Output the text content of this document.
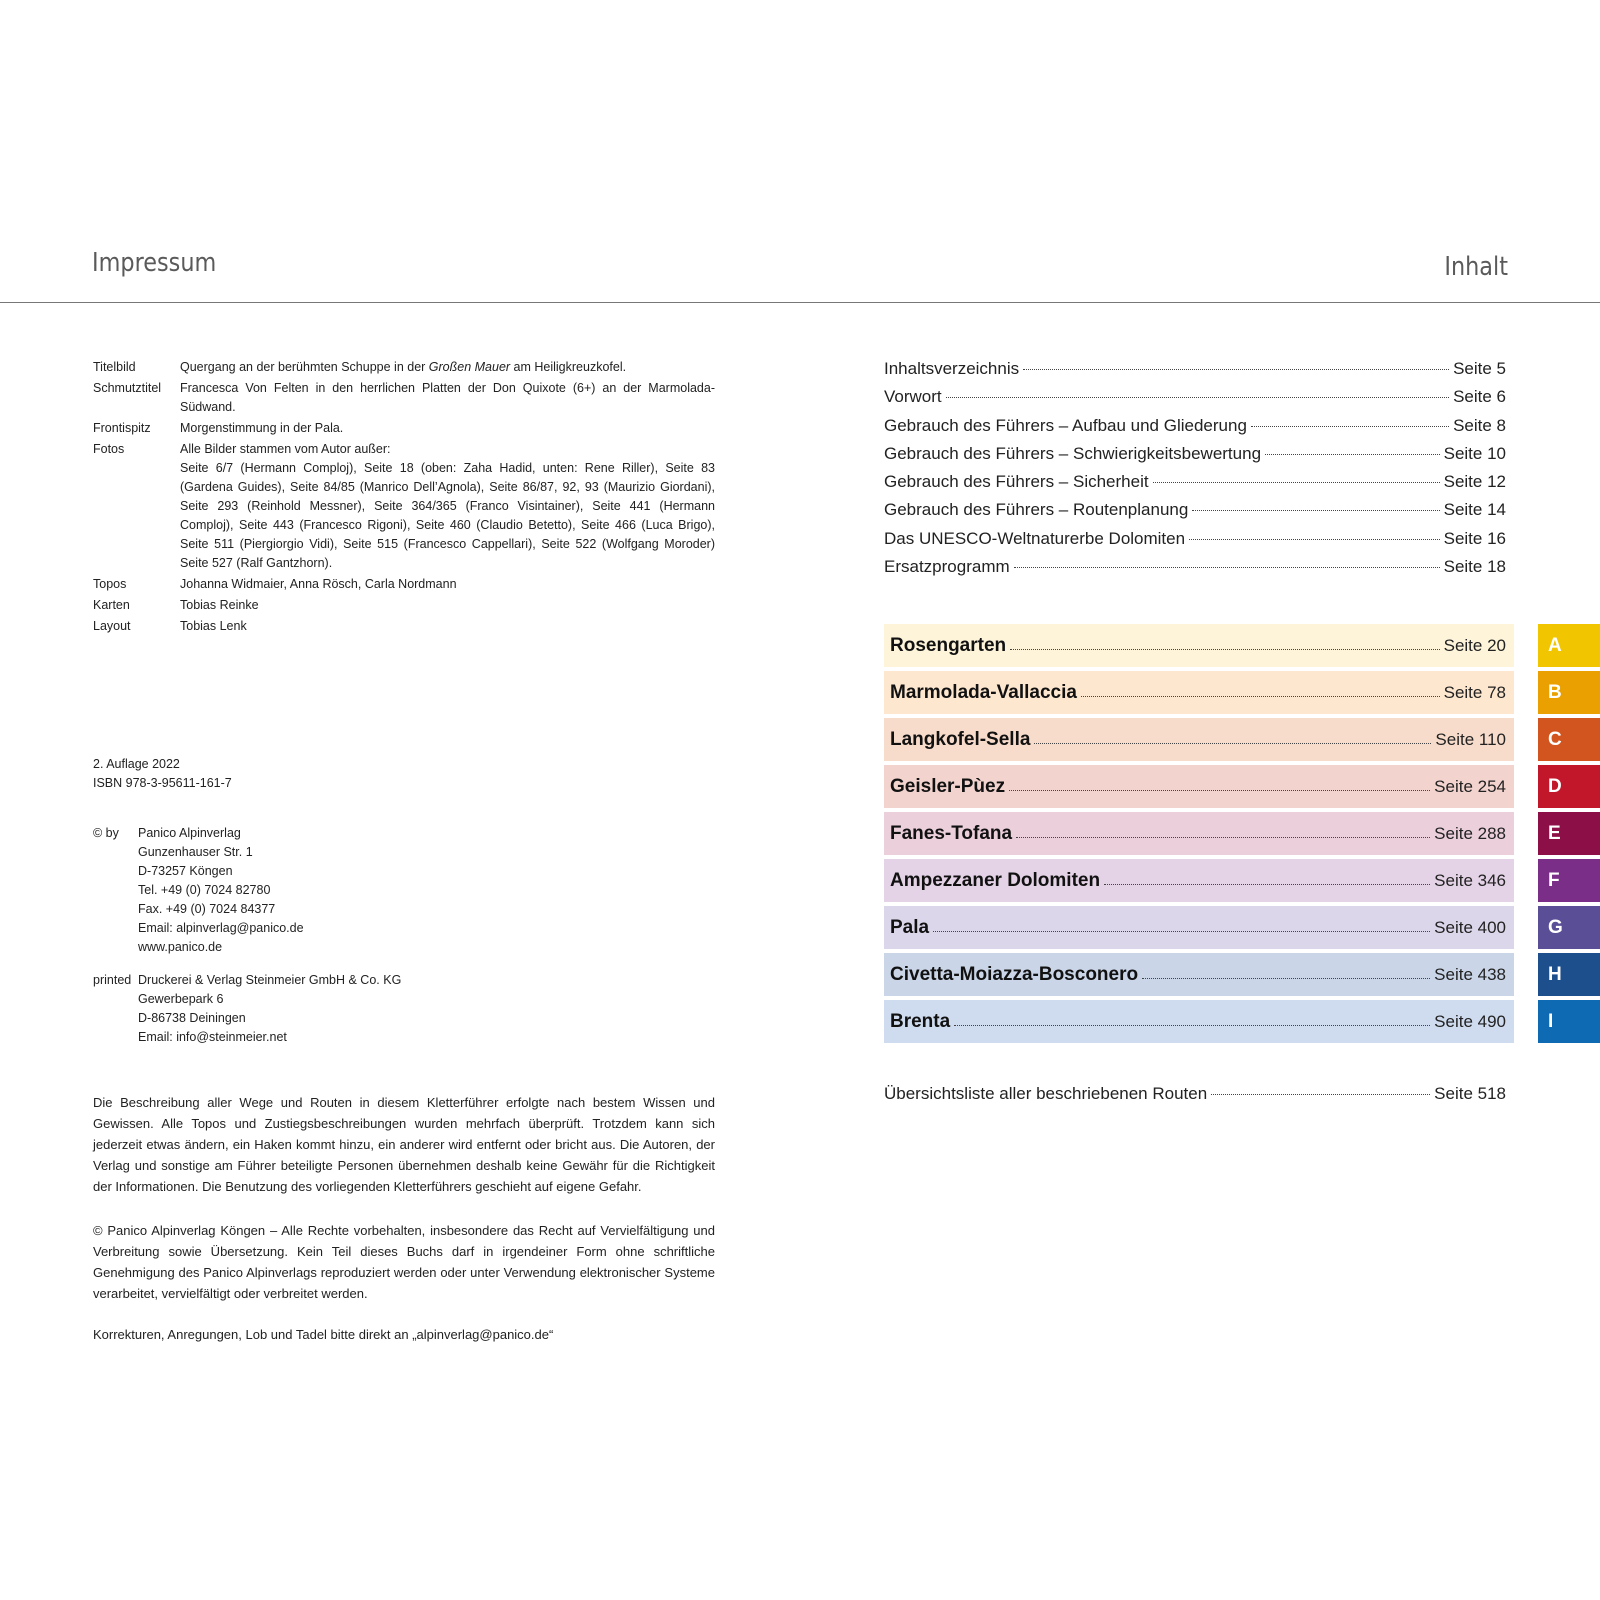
Impressum	Inhalt
Titelbild	Quergang an der berühmten Schuppe in der Großen Mauer am Heiligkreuzkofel.
Schmutztitel	Francesca Von Felten in den herrlichen Platten der Don Quixote (6+) an der Marmolada-Südwand.
Frontispitz	Morgenstimmung in der Pala.
Fotos	Alle Bilder stammen vom Autor außer:
Seite 6/7 (Hermann Comploj), Seite 18 (oben: Zaha Hadid, unten: Rene Riller), Seite 83 (Gardena Guides), Seite 84/85 (Manrico Dell’Agnola), Seite 86/87, 92, 93 (Maurizio Giordani), Seite 293 (Reinhold Messner), Seite 364/365 (Franco Visintainer), Seite 441 (Hermann Comploj), Seite 443 (Francesco Rigoni), Seite 460 (Claudio Betetto), Seite 466 (Luca Brigo), Seite 511 (Piergiorgio Vidi), Seite 515 (Francesco Cappellari), Seite 522 (Wolfgang Moroder) Seite 527 (Ralf Gantzhorn).
Topos	Johanna Widmaier, Anna Rösch, Carla Nordmann
Karten	Tobias Reinke
Layout	Tobias Lenk
2. Auflage 2022
ISBN 978-3-95611-161-7
© by	Panico Alpinverlag
Gunzenhauser Str. 1
D-73257 Köngen
Tel. +49 (0) 7024 82780
Fax. +49 (0) 7024 84377
Email: alpinverlag@panico.de
www.panico.de
printed Druckerei & Verlag Steinmeier GmbH & Co. KG
Gewerbepark 6
D-86738 Deiningen
Email: info@steinmeier.net
Die Beschreibung aller Wege und Routen in diesem Kletterführer erfolgte nach bestem Wissen und Gewissen. Alle Topos und Zustiegsbeschreibungen wurden mehrfach überprüft. Trotzdem kann sich jederzeit etwas ändern, ein Haken kommt hinzu, ein anderer wird entfernt oder bricht aus. Die Autoren, der Verlag und sonstige am Führer beteiligte Personen übernehmen deshalb keine Gewähr für die Richtigkeit der Informationen. Die Benutzung des vorliegenden Kletterführers geschieht auf eigene Gefahr.
© Panico Alpinverlag Köngen – Alle Rechte vorbehalten, insbesondere das Recht auf Vervielfältigung und Verbreitung sowie Übersetzung. Kein Teil dieses Buchs darf in irgendeiner Form ohne schriftliche Genehmigung des Panico Alpinverlags reproduziert werden oder unter Verwendung elektronischer Systeme verarbeitet, vervielfältigt oder verbreitet werden.
Korrekturen, Anregungen, Lob und Tadel bitte direkt an „alpinverlag@panico.de“
Inhaltsverzeichnis	Seite 5
Vorwort	Seite 6
Gebrauch des Führers – Aufbau und Gliederung	Seite 8
Gebrauch des Führers – Schwierigkeitsbewertung	Seite 10
Gebrauch des Führers – Sicherheit	Seite 12
Gebrauch des Führers – Routenplanung	Seite 14
Das UNESCO-Weltnaturerbe Dolomiten	Seite 16
Ersatzprogramm	Seite 18
Rosengarten	Seite 20
Marmolada-Vallaccia	Seite 78
Langkofel-Sella	Seite 110
Geisler-Pùez	Seite 254
Fanes-Tofana	Seite 288
Ampezzaner Dolomiten	Seite 346
Pala	Seite 400
Civetta-Moiazza-Bosconero	Seite 438
Brenta	Seite 490
A
B
C
D
E
F
G
H
I
Übersichtsliste aller beschriebenen Routen	Seite 518
